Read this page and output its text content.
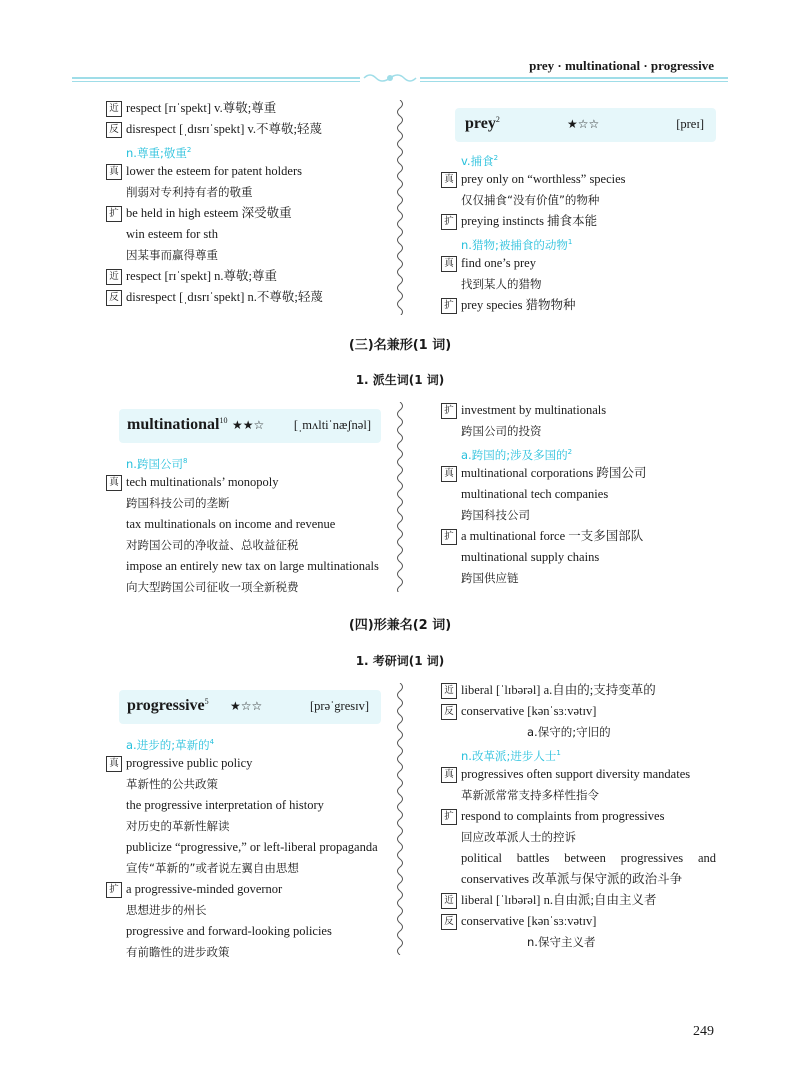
prey · multinational · progressive
近 respect [rɪˈspekt] v.尊敬;尊重
反 disrespect [ˌdɪsrɪˈspekt] v.不尊敬;轻蔑
n.尊重;敬重$^2$
真 lower the esteem for patent holders
削弱对专利持有者的敬重
扩 be held in high esteem 深受敬重
win esteem for sth
因某事而赢得尊重
近 respect [rɪˈspekt] n.尊敬;尊重
反 disrespect [ˌdɪsrɪˈspekt] n.不尊敬;轻蔑
prey$^2$	★☆☆	[preɪ]
v.捕食$^2$
真 prey only on “worthless” species
仅仅捕食“没有价值”的物种
扩 preying instincts 捕食本能
n.猎物;被捕食的动物$^1$
真 find one’s prey
找到某人的猎物
扩 prey species 猎物物种
(三)名兼形(1 词)
1. 派生词(1 词)
multinational$^{10}$ ★★☆ [ˌmʌltiˈnæʃnəl]
n.跨国公司$^8$
真 tech multinationals’ monopoly
跨国科技公司的垄断
tax multinationals on income and revenue
对跨国公司的净收益、总收益征税
impose an entirely new tax on large multinationals
向大型跨国公司征收一项全新税费
扩 investment by multinationals
跨国公司的投资
a.跨国的;涉及多国的$^2$
真 multinational corporations 跨国公司
multinational tech companies
跨国科技公司
扩 a multinational force 一支多国部队
multinational supply chains
跨国供应链
(四)形兼名(2 词)
1. 考研词(1 词)
progressive$^5$ ★☆☆	[prəˈgresɪv]
a.进步的;革新的$^4$
真 progressive public policy
革新性的公共政策
the progressive interpretation of history
对历史的革新性解读
publicize “progressive,” or left-liberal propaganda
宣传“革新的”或者说左翼自由思想
扩 a progressive-minded governor
思想进步的州长
progressive and forward-looking policies
有前瞻性的进步政策
近 liberal [ˈlɪbərəl] a.自由的;支持变革的
反 conservative [kənˈsɜːvətɪv]
a.保守的;守旧的
n.改革派;进步人士$^1$
真 progressives often support diversity mandates
革新派常常支持多样性指令
扩 respond to complaints from progressives
回应改革派人士的控诉
political battles between progressives and
conservatives 改革派与保守派的政治斗争
近 liberal [ˈlɪbərəl] n.自由派;自由主义者
反 conservative [kənˈsɜːvətɪv]
n.保守主义者
249
